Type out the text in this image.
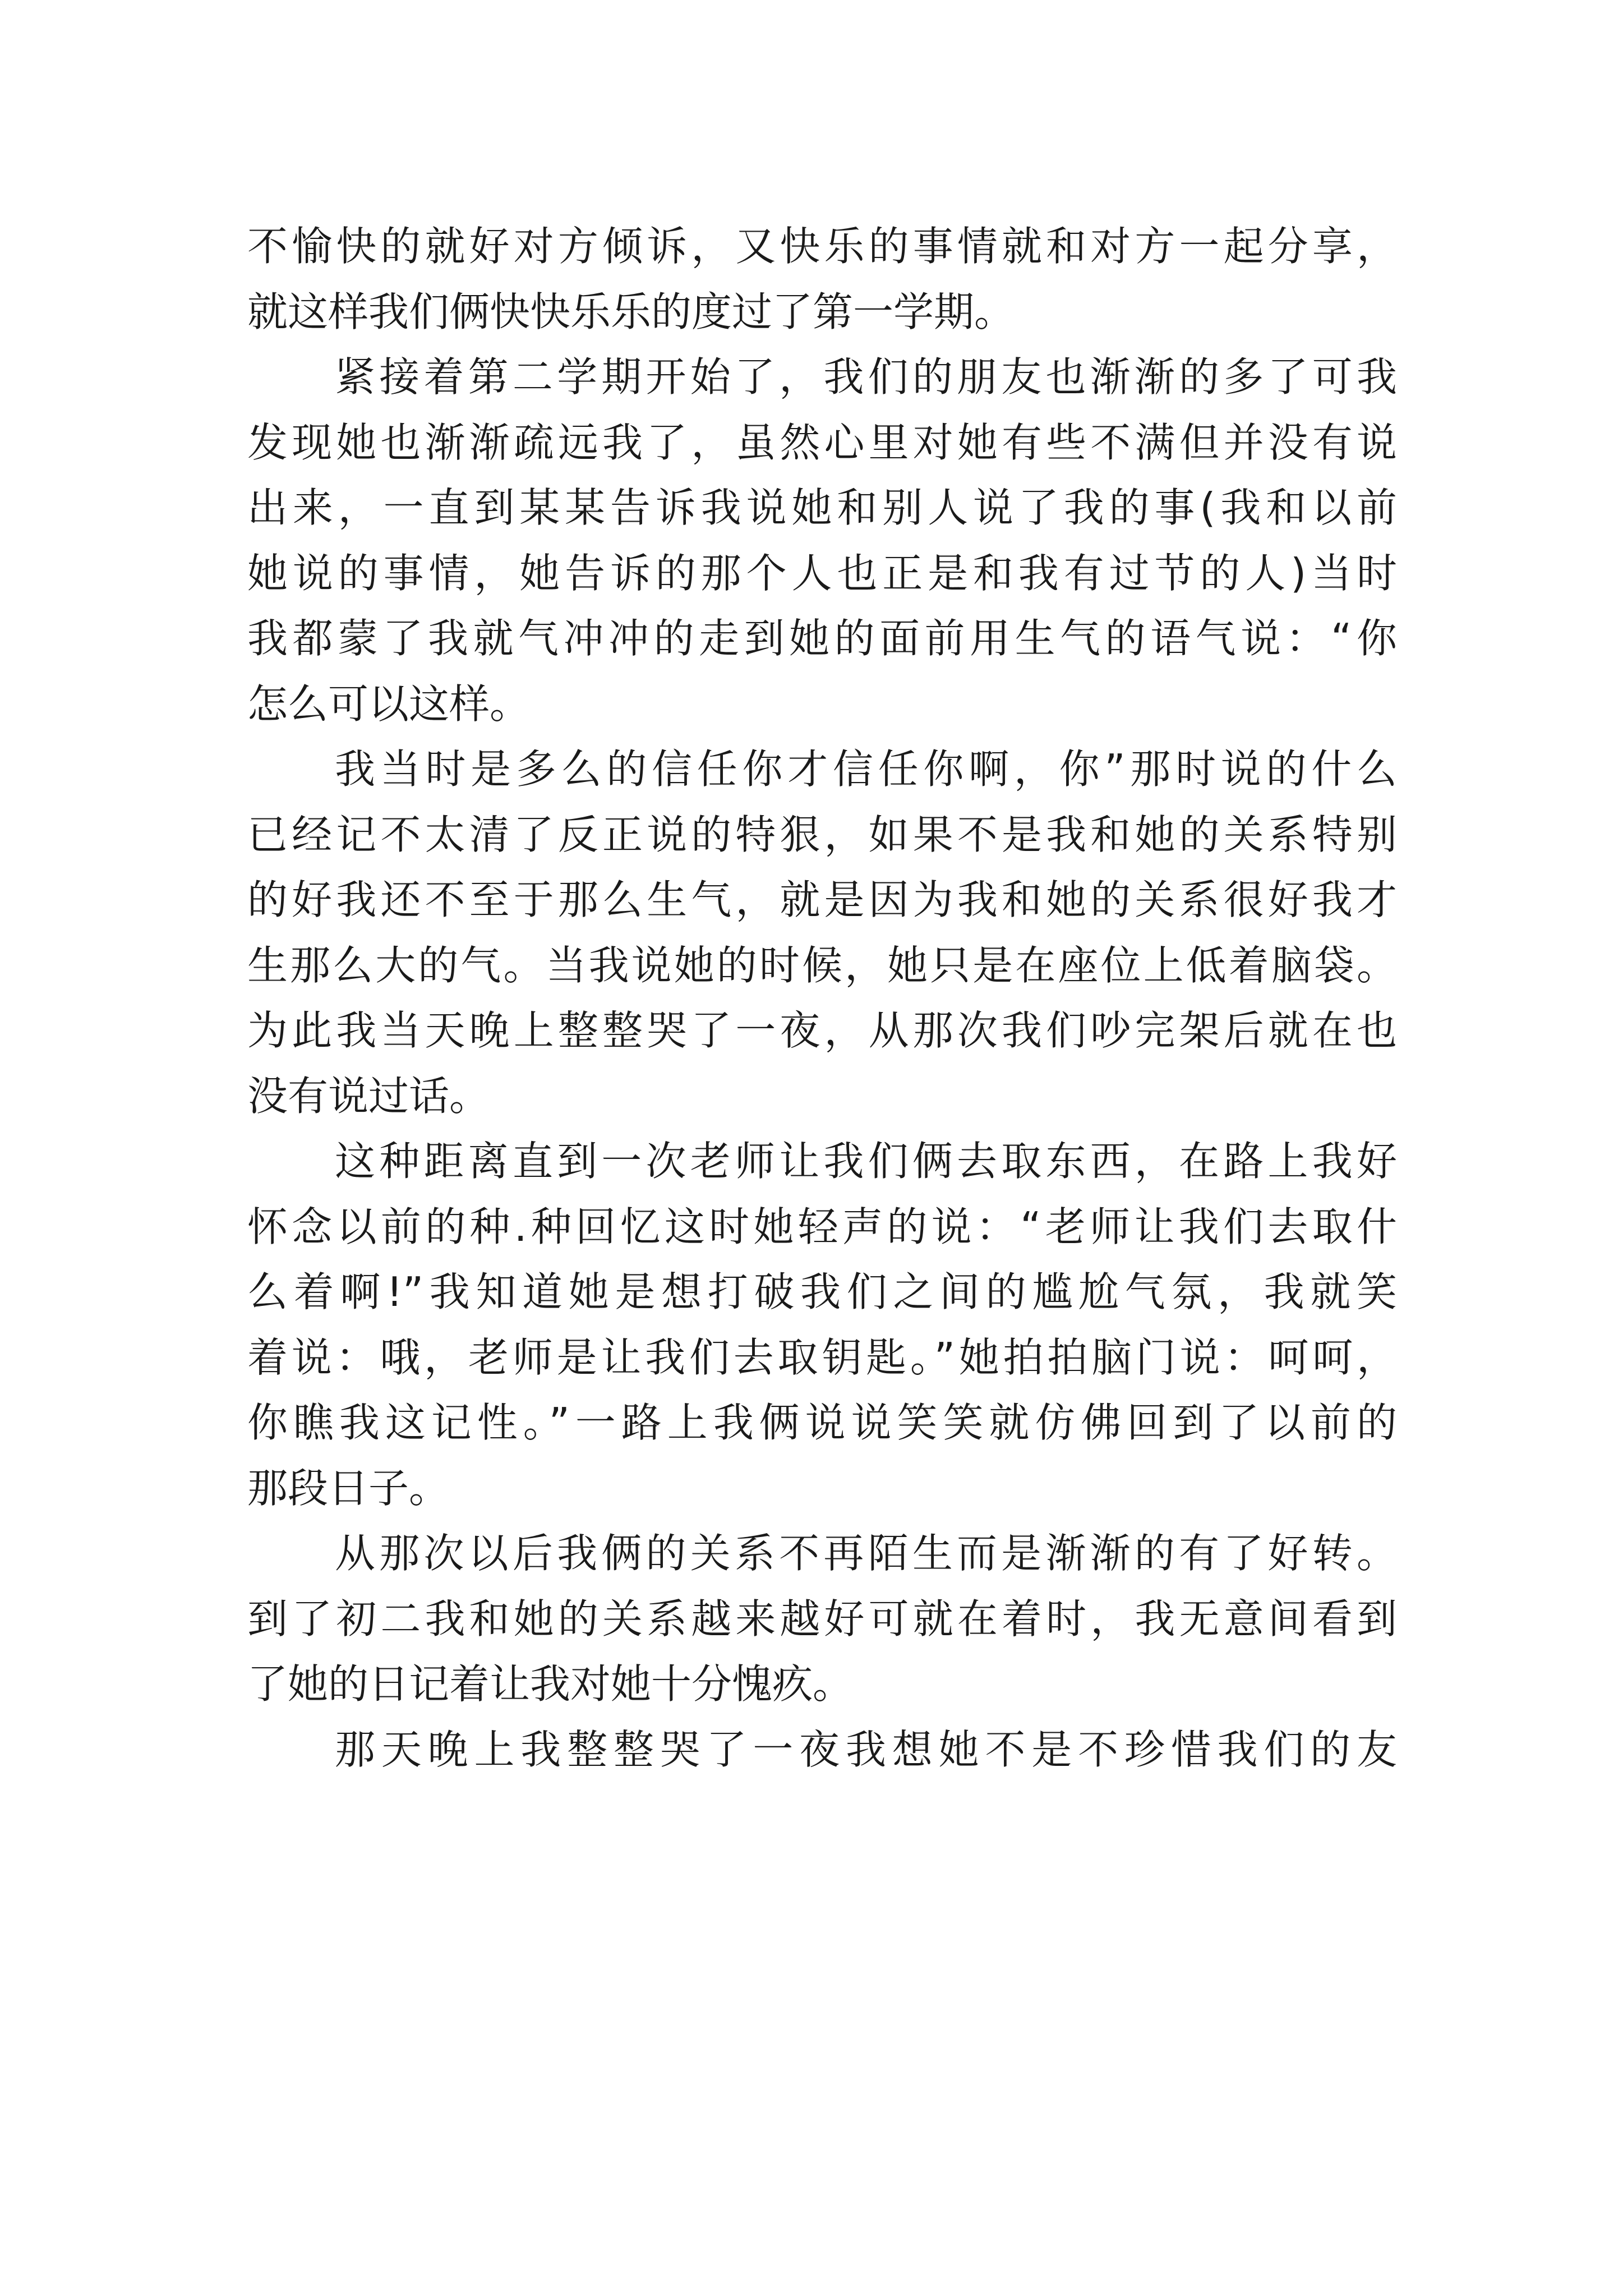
不愉快的就好对方倾诉，又快乐的事情就和对方一起分享，
就这样我们俩快快乐乐的度过了第一学期。
紧接着第二学期开始了，我们的朋友也渐渐的多了可我
发现她也渐渐疏远我了，虽然心里对她有些不满但并没有说
出来，一直到某某告诉我说她和别人说了我的事(我和以前
她说的事情，她告诉的那个人也正是和我有过节的人)当时
我都蒙了我就气冲冲的走到她的面前用生气的语气说：“你
怎么可以这样。
我当时是多么的信任你才信任你啊，你”那时说的什么
已经记不太清了反正说的特狠，如果不是我和她的关系特别
的好我还不至于那么生气，就是因为我和她的关系很好我才
生那么大的气。当我说她的时候，她只是在座位上低着脑袋。
为此我当天晚上整整哭了一夜，从那次我们吵完架后就在也
没有说过话。
这种距离直到一次老师让我们俩去取东西，在路上我好
怀念以前的种.种回忆这时她轻声的说：“老师让我们去取什
么着啊!”我知道她是想打破我们之间的尴尬气氛，我就笑
着说：哦，老师是让我们去取钥匙。”她拍拍脑门说：呵呵，
你瞧我这记性。”一路上我俩说说笑笑就仿佛回到了以前的
那段日子。
从那次以后我俩的关系不再陌生而是渐渐的有了好转。
到了初二我和她的关系越来越好可就在着时，我无意间看到
了她的日记着让我对她十分愧疚。
那天晚上我整整哭了一夜我想她不是不珍惜我们的友
